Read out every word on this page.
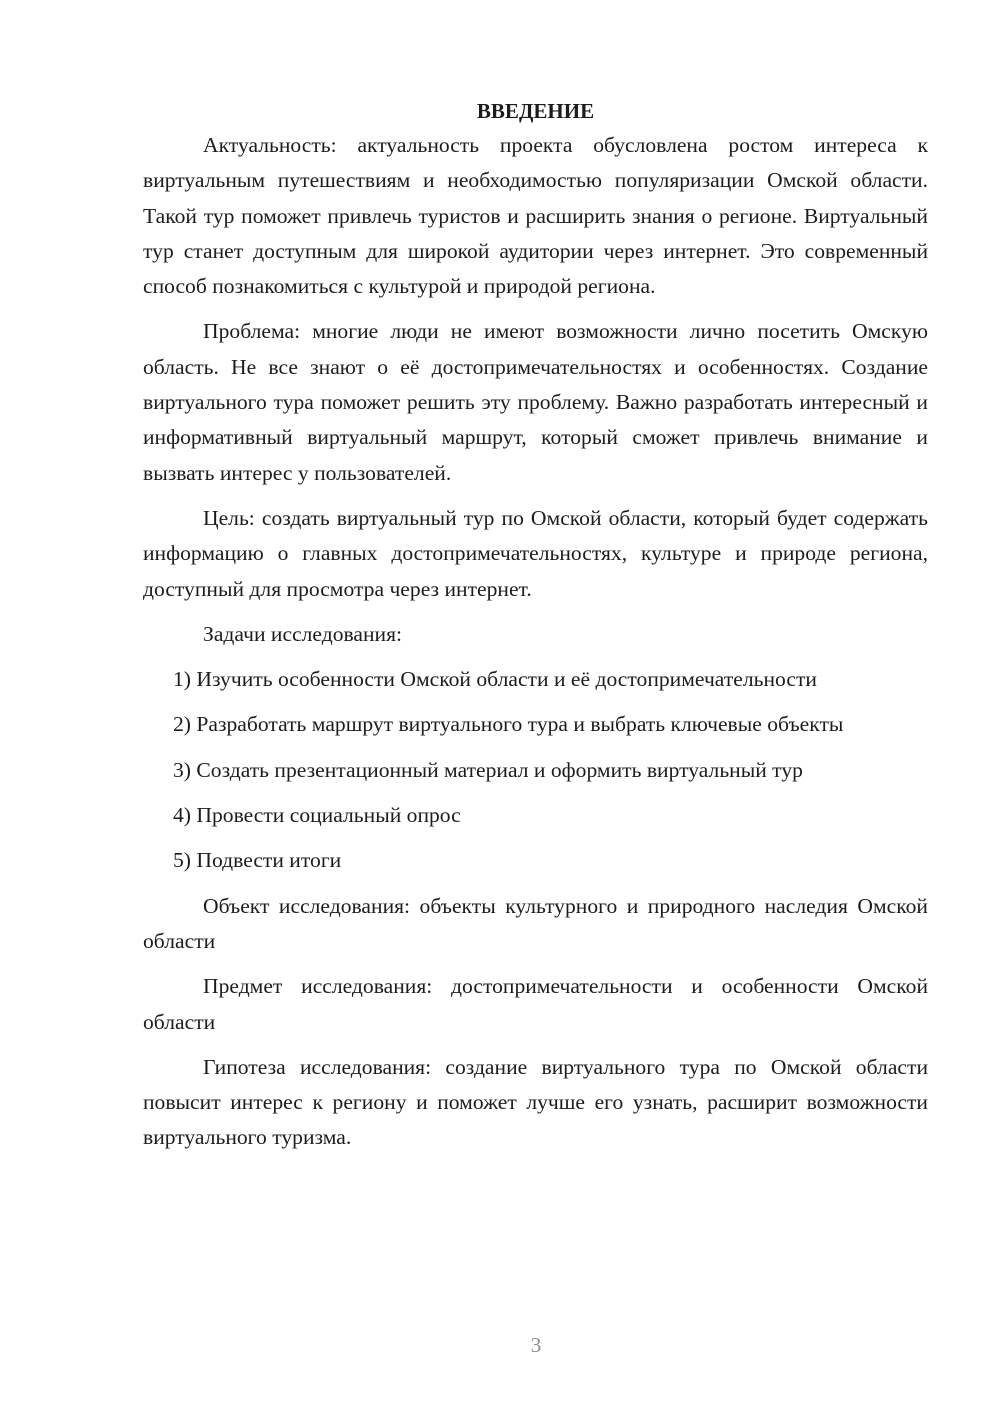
ВВЕДЕНИЕ

Актуальность: актуальность проекта обусловлена ростом интереса к виртуальным путешествиям и необходимостью популяризации Омской области. Такой тур поможет привлечь туристов и расширить знания о регионе. Виртуальный тур станет доступным для широкой аудитории через интернет. Это современный способ познакомиться с культурой и природой региона.

Проблема: многие люди не имеют возможности лично посетить Омскую область. Не все знают о её достопримечательностях и особенностях. Создание виртуального тура поможет решить эту проблему. Важно разработать интересный и информативный виртуальный маршрут, который сможет привлечь внимание и вызвать интерес у пользователей.

Цель: создать виртуальный тур по Омской области, который будет содержать информацию о главных достопримечательностях, культуре и природе региона, доступный для просмотра через интернет.

Задачи исследования:

1) Изучить особенности Омской области и её достопримечательности

2) Разработать маршрут виртуального тура и выбрать ключевые объекты

3) Создать презентационный материал и оформить виртуальный тур

4) Провести социальный опрос

5) Подвести итоги

Объект исследования: объекты культурного и природного наследия Омской области

Предмет исследования: достопримечательности и особенности Омской области

Гипотеза исследования: создание виртуального тура по Омской области повысит интерес к региону и поможет лучше его узнать, расширит возможности виртуального туризма.

3
